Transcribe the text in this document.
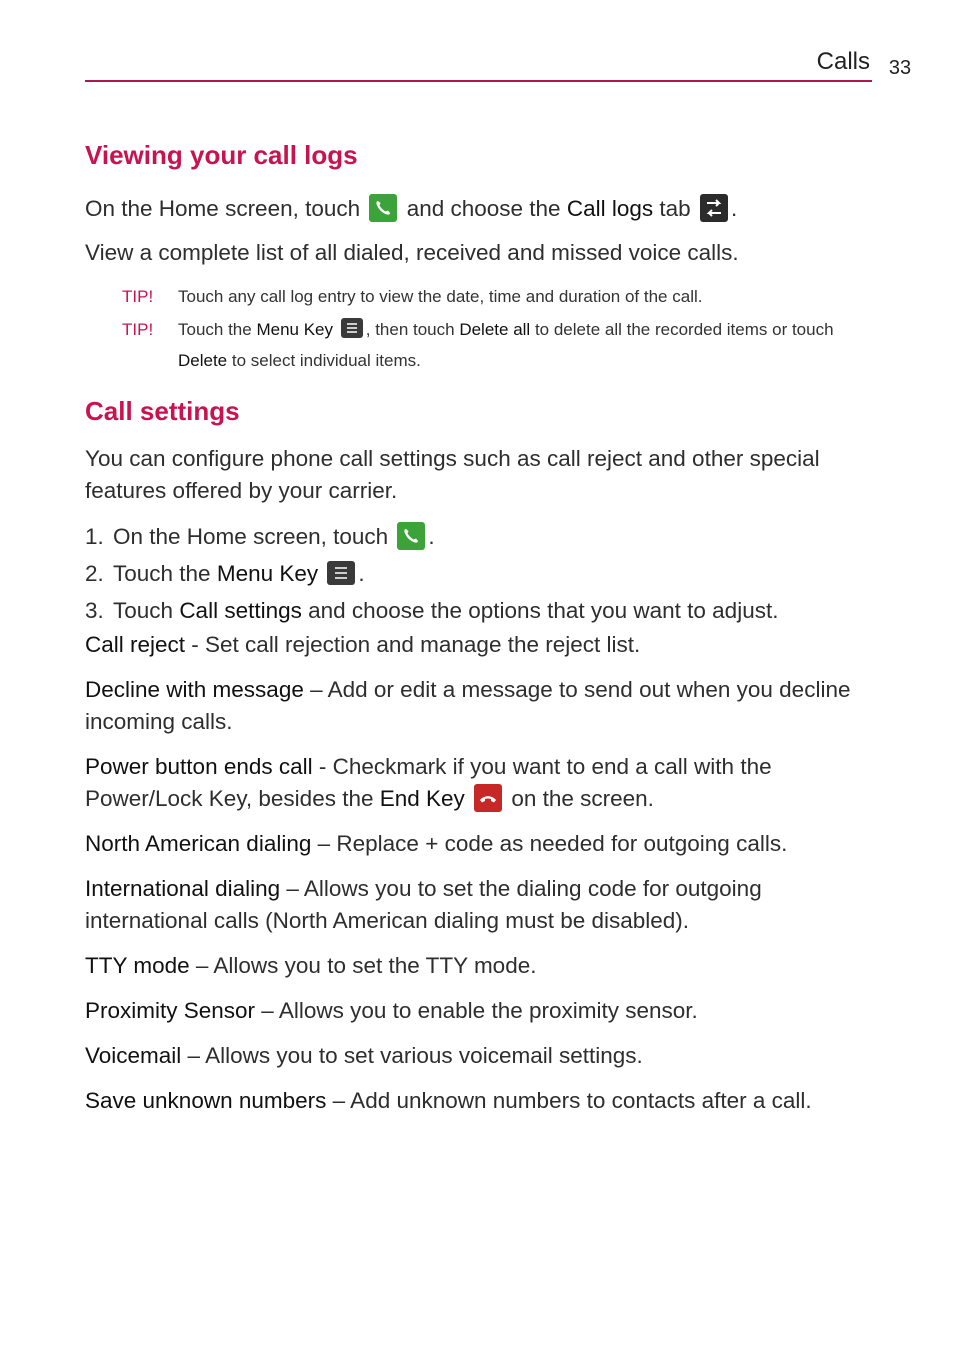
Calls 33
Viewing your call logs

On the Home screen, touch and choose the Call logs tab .

View a complete list of all dialed, received and missed voice calls.

TIP!	Touch any call log entry to view the date, time and duration of the call.
TIP!	Touch the Menu Key , then touch Delete all to delete all the recorded items or touch
Delete to select individual items.
Call settings

You can configure phone call settings such as call reject and other special features offered by your carrier.

1. On the Home screen, touch .
2. Touch the Menu Key .
3. Touch Call settings and choose the options that you want to adjust.

Call reject - Set call rejection and manage the reject list.

Decline with message – Add or edit a message to send out when you decline incoming calls.

Power button ends call - Checkmark if you want to end a call with the Power/Lock Key, besides the End Key
on the screen.

North American dialing – Replace + code as needed for outgoing calls.

International dialing – Allows you to set the dialing code for outgoing international calls (North American dialing must be disabled).

TTY mode – Allows you to set the TTY mode.

Proximity Sensor – Allows you to enable the proximity sensor.

Voicemail – Allows you to set various voicemail settings.

Save unknown numbers – Add unknown numbers to contacts after a call.
